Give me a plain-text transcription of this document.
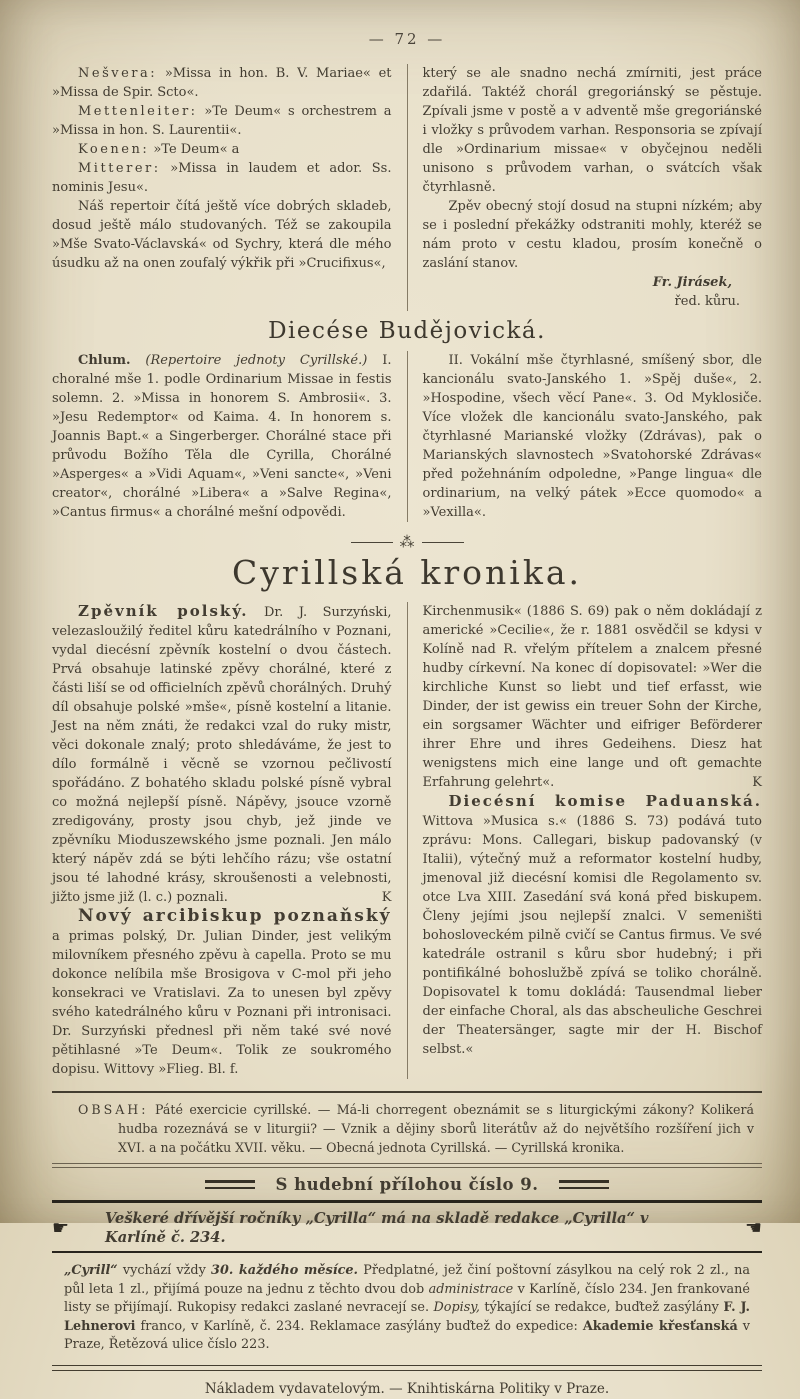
— 72 —

Nešvera: »Missa in hon. B. V. Mariae« et »Missa de Spir. Scto«.

Mettenleiter: »Te Deum« s orchestrem a »Missa in hon. S. Laurentii«.

Koenen: »Te Deum« a

Mitterer: »Missa in laudem et ador. Ss. nominis Jesu«.

Náš repertoir čítá ještě více dobrých skladeb, dosud ještě málo studovaných. Též se zakoupila »Mše Svato-Václavská« od Sychry, která dle mého úsudku až na onen zoufalý výkřik při »Crucifixus«,

který se ale snadno nechá zmírniti, jest práce zdařilá. Taktéž chorál gregoriánský se pěstuje. Zpívali jsme v postě a v adventě mše gregoriánské i vložky s průvodem varhan. Responsoria se zpívají dle »Ordinarium missae« v obyčejnou neděli unisono s průvodem varhan, o svátcích však čtyrhlasně.

Zpěv obecný stojí dosud na stupni nízkém; aby se i poslední překážky odstraniti mohly, kteréž se nám proto v cestu kladou, prosím konečně o zaslání stanov.

Fr. Jirásek,

řed. kůru.

Diecése Budějovická.

Chlum. (Repertoire jednoty Cyrillské.) I. choralné mše 1. podle Ordinarium Missae in festis solemn. 2. »Missa in honorem S. Ambrosii«. 3. »Jesu Redemptor« od Kaima. 4. In honorem s. Joannis Bapt.« a Singerberger. Chorálné stace při průvodu Božího Těla dle Cyrilla, Chorálné »Asperges« a »Vidi Aquam«, »Veni sancte«, »Veni creator«, chorálné »Libera« a »Salve Regina«, »Cantus firmus« a chorálné mešní odpovědi.

II. Vokální mše čtyrhlasné, smíšený sbor, dle kancionálu svato-Janského 1. »Spěj duše«, 2. »Hospodine, všech věcí Pane«. 3. Od Myklosiče. Více vložek dle kancionálu svato-Janského, pak čtyrhlasné Marianské vložky (Zdrávas), pak o Marianských slavnostech »Svatohorské Zdrávas« před požehnáním odpoledne, »Pange lingua« dle ordinarium, na velký pátek »Ecce quomodo« a »Vexilla«.

⁂
Cyrillská kronika.

Zpěvník polský. Dr. J. Surzyński, velezasloužilý ředitel kůru katedrálního v Poznani, vydal diecésní zpěvník kostelní o dvou částech. Prvá obsahuje latinské zpěvy chorálné, které z části liší se od officielních zpěvů chorálných. Druhý díl obsahuje polské »mše«, písně kostelní a litanie. Jest na něm znáti, že redakci vzal do ruky mistr, věci dokonale znalý; proto shledáváme, že jest to dílo formálně i věcně se vzornou pečlivostí spořádáno. Z bohatého skladu polské písně vybral co možná nejlepší písně. Nápěvy, jsouce vzorně zredigovány, prosty jsou chyb, jež jinde ve zpěvníku Mioduszewského jsme poznali. Jen málo který nápěv zdá se býti lehčího rázu; vše ostatní jsou té lahodné krásy, skroušenosti a velebnosti, jižto jsme již (l. c.) poznali.	K

Nový arcibiskup poznaňský a primas polský, Dr. Julian Dinder, jest velikým milovníkem přesného zpěvu à capella. Proto se mu dokonce nelíbila mše Brosigova v C-mol při jeho konsekraci ve Vratislavi. Za to unesen byl zpěvy svého katedrálného kůru v Poznani při intronisaci. Dr. Surzyński přednesl při něm také své nové pětihlasné »Te Deum«. Tolik ze soukromého dopisu. Wittovy »Flieg. Bl. f.

Kirchenmusik« (1886 S. 69) pak o něm dokládají z americké »Cecilie«, že r. 1881 osvědčil se kdysi v Kolíně nad R. vřelým přítelem a znalcem přesné hudby církevní. Na konec dí dopisovatel: »Wer die kirchliche Kunst so liebt und tief erfasst, wie Dinder, der ist gewiss ein treuer Sohn der Kirche, ein sorgsamer Wächter und eifriger Beförderer ihrer Ehre und ihres Gedeihens. Diesz hat wenigstens mich eine lange und oft gemachte Erfahrung gelehrt«.	K

Diecésní komise Paduanská. Wittova »Musica s.« (1886 S. 73) podává tuto zprávu: Mons. Callegari, biskup padovanský (v Italii), výtečný muž a reformator kostelní hudby, jmenoval již diecésní komisi dle Regolamento sv. otce Lva XIII. Zasedání svá koná před biskupem. Členy jejími jsou nejlepší znalci. V semeništi bohosloveckém pilně cvičí se Cantus firmus. Ve své katedrále ostranil s kůru sbor hudebný; i při pontifikálné bohoslužbě zpívá se toliko chorálně. Dopisovatel k tomu dokládá: Tausendmal lieber der einfache Choral, als das abscheuliche Geschrei der Theatersänger, sagte mir der H. Bischof selbst.«

OBSAH: Páté exercicie cyrillské. — Má-li chorregent obeznámit se s liturgickými zákony? Kolikerá hudba rozeznává se v liturgii? — Vznik a dějiny sborů literátův až do největšího rozšíření jich v XVI. a na počátku XVII. věku. — Obecná jednota Cyrillská. — Cyrillská kronika.

S hudební přílohou číslo 9.
☛ Veškeré dřívější ročníky „Cyrilla“ má na skladě redakce „Cyrilla“ v Karlíně č. 234.	☚

„Cyrill“ vychází vždy 30. každého měsíce. Předplatné, jež činí poštovní zásylkou na celý rok 2 zl., na půl leta 1 zl., přijímá pouze na jednu z těchto dvou dob administrace v Karlíně, číslo 234. Jen frankované listy se přijímají. Rukopisy redakci zaslané nevracejí se. Dopisy, týkající se redakce, buďtež zasýlány F. J. Lehnerovi franco, v Karlíně, č. 234. Reklamace zasýlány buďtež do expedice: Akademie křesťanská v Praze, Řetězová ulice číslo 223.

Nákladem vydavatelovým. — Knihtiskárna Politiky v Praze.
